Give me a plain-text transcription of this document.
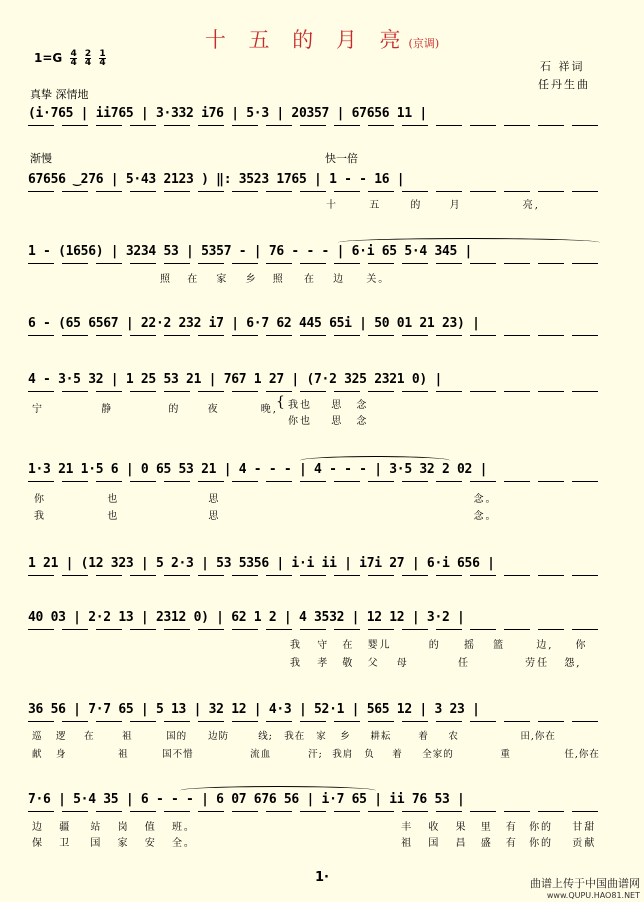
十 五 的 月 亮(京调)
石 祥词
任丹生曲
$1=G \frac{4}{4}$
$\frac{2}{4}$
$\frac{1}{4}$
真挚 深情地
(i·765 | ii765 | 3·332 i76 | 5·3 | 20357 | 67656 11 |
渐慢	快一倍
67656 ‿276 | 5·43 2123 ) ‖: 3523 1765 | 1 - - 16 |
十	五	的	月	亮,
1 - (1656) | 3234 53 | 5357 - | 76 - - - | 6·i 65 5·4 345 |
照 在 家 乡 照 在 边 关。
6 - (65 6567 | 22·2 232 i7 | 6·7 62 445 65i | 50 01 21 23) |
4 - 3·5 32 | 1 25 53 21 | 767 1 27 | (7·2 325 2321 0) |
宁	静	的	夜	晚,
{ 我也 思 念
你也 思 念
1·3 21 1·5 6 | 0 65 53 21 | 4 - - - | 4 - - - | 3·5 32 2 02 |
你	也	思	念。
我	也	思	念。
1 21 | (12 323 | 5 2·3 | 53 5356 | i·i ii | i7i 27 | 6·i 656 |
40 03 | 2·2 13 | 2312 0) | 62 1 2 | 4 3532 | 12 12 | 3·2 |
我 守 在 婴儿	的 摇 篮	边, 你
我 孝 敬 父 母	任	劳任 怨,
36 56 | 7·7 65 | 5 13 | 32 12 | 4·3 | 52·1 | 565 12 | 3 23 |
巡 逻 在	祖	国的 边防	线; 我在 家 乡 耕耘	着 农	田,你在
献 身	祖	国不惜	流血	汗; 我肩 负 着 全家的	重	任,你在
7·6 | 5·4 35 | 6 - - - | 6 07 676 56 | i·7 65 | ii 76 53 |
边 疆 站 岗 值 班。	丰 收 果 里 有 你的 甘甜
保 卫 国 家 安 全。	祖 国 昌 盛 有 你的 贡献
1·	曲谱上传于中国曲谱网
www.QUPU.HAO81.NET
